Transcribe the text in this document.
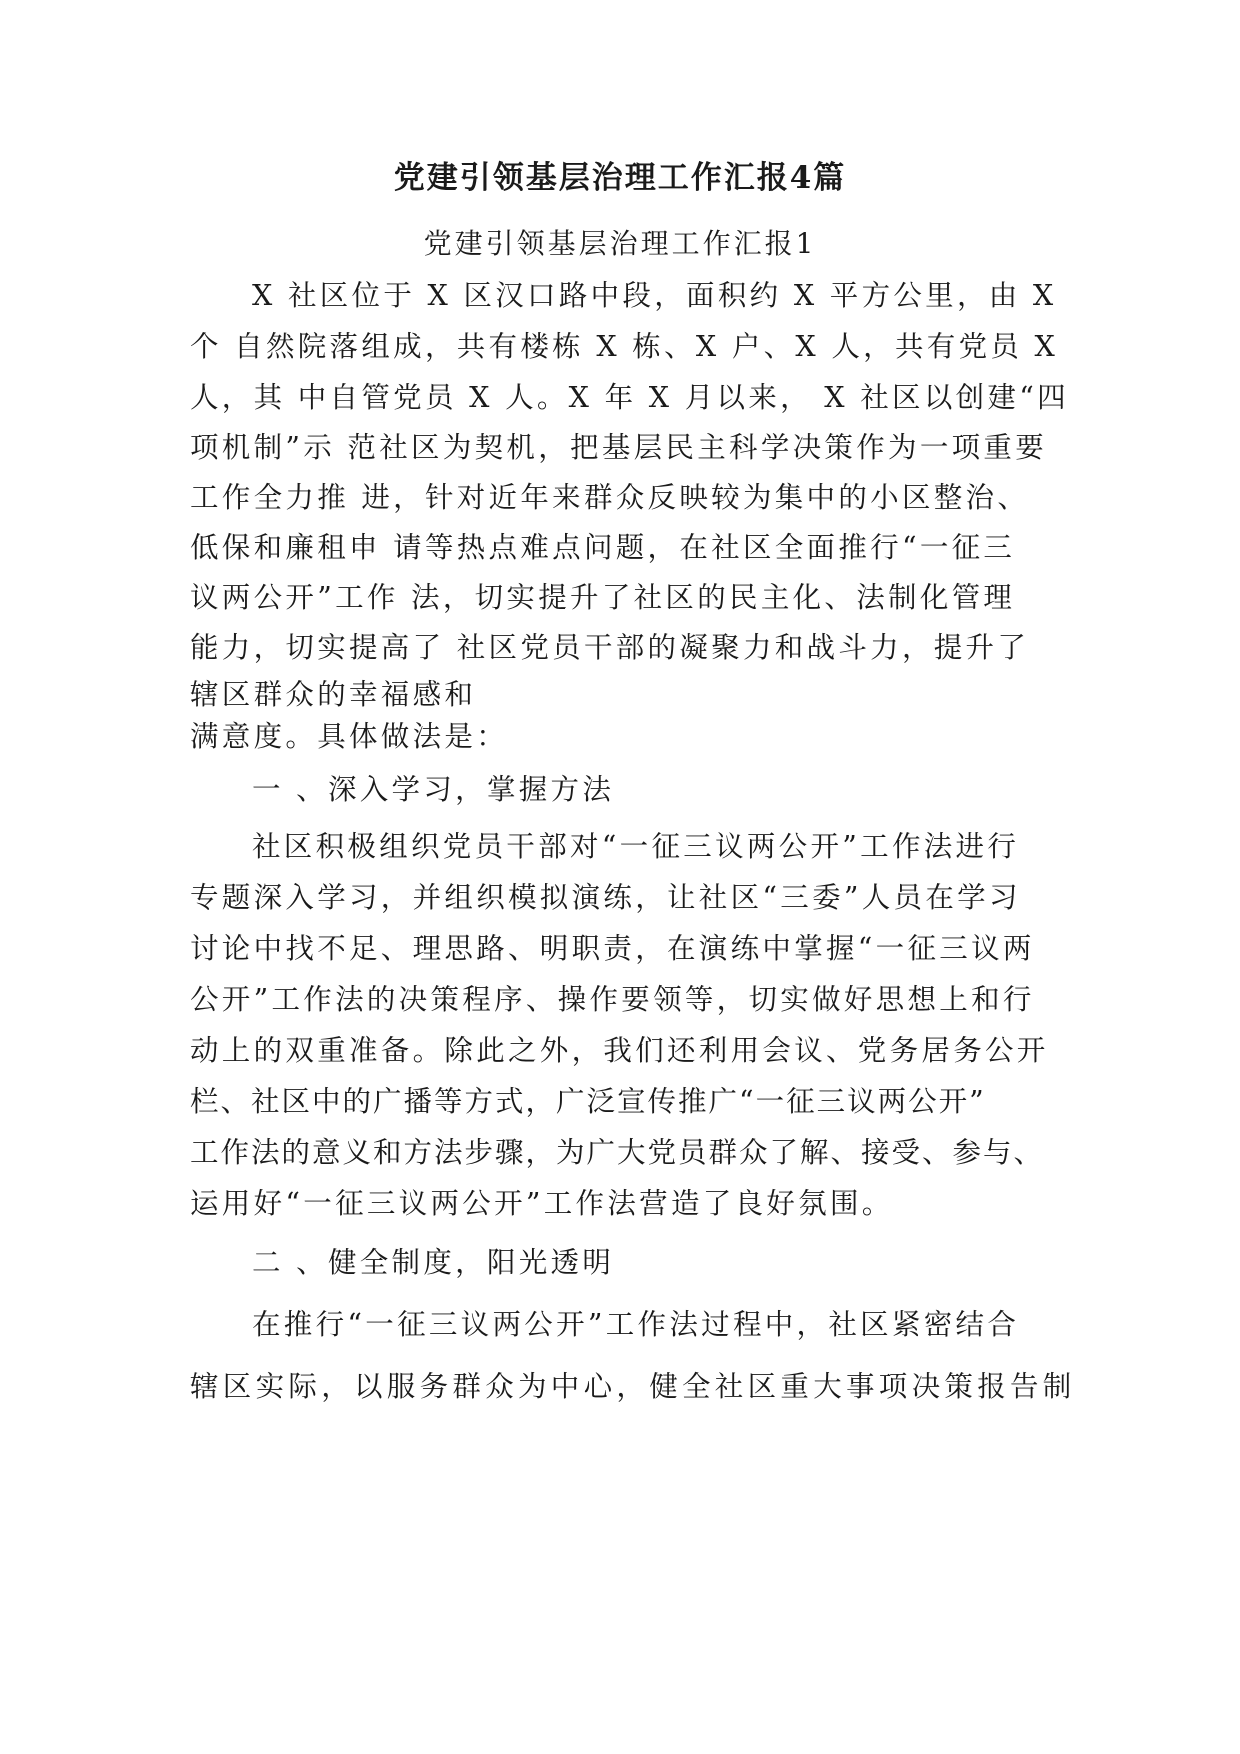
党建引领基层治理工作汇报4篇
党建引领基层治理工作汇报1
X 社区位于 X 区汉口路中段，面积约 X 平方公里，由 X
个 自然院落组成，共有楼栋 X 栋、X 户、X 人，共有党员 X
人，其 中自管党员 X 人。X 年 X 月以来， X 社区以创建“四
项机制”示 范社区为契机，把基层民主科学决策作为一项重要
工作全力推 进，针对近年来群众反映较为集中的小区整治、
低保和廉租申 请等热点难点问题，在社区全面推行“一征三
议两公开”工作 法，切实提升了社区的民主化、法制化管理
能力，切实提高了 社区党员干部的凝聚力和战斗力，提升了
辖区群众的幸福感和
满意度。具体做法是：
一 、深入学习，掌握方法
社区积极组织党员干部对“一征三议两公开”工作法进行
专题深入学习，并组织模拟演练，让社区“三委”人员在学习
讨论中找不足、理思路、明职责，在演练中掌握“一征三议两
公开”工作法的决策程序、操作要领等，切实做好思想上和行
动上的双重准备。除此之外，我们还利用会议、党务居务公开
栏、社区中的广播等方式，广泛宣传推广“一征三议两公开”
工作法的意义和方法步骤，为广大党员群众了解、接受、参与、
运用好“一征三议两公开”工作法营造了良好氛围。
二 、健全制度，阳光透明
在推行“一征三议两公开”工作法过程中，社区紧密结合
辖区实际，以服务群众为中心，健全社区重大事项决策报告制
